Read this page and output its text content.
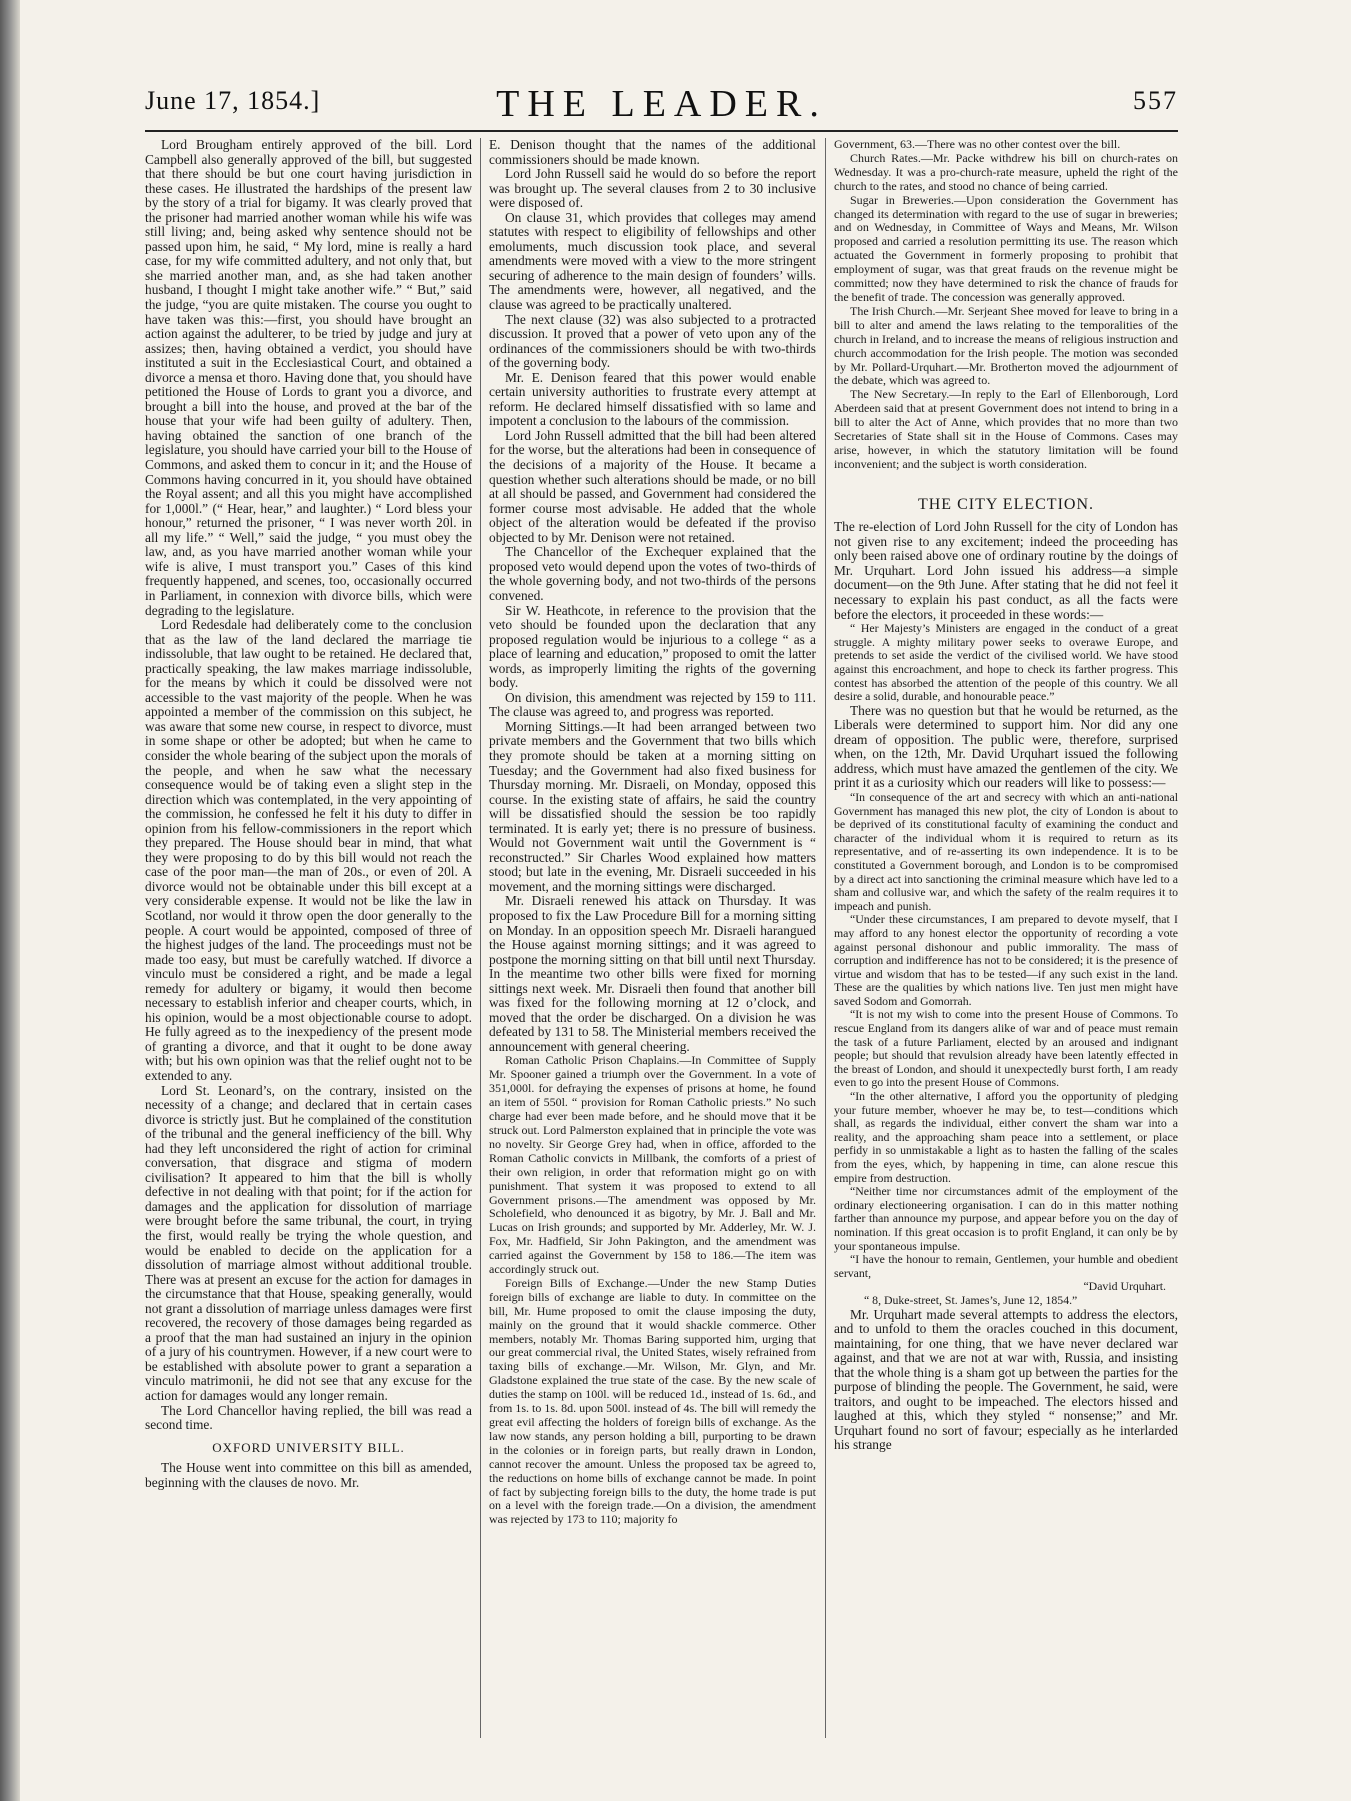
June 17, 1854.]	THE LEADER.	557

Lord Brougham entirely approved of the bill. Lord Campbell also generally approved of the bill, but suggested that there should be but one court having jurisdiction in these cases. He illustrated the hardships of the present law by the story of a trial for bigamy. It was clearly proved that the prisoner had married another woman while his wife was still living; and, being asked why sentence should not be passed upon him, he said, “ My lord, mine is really a hard case, for my wife committed adultery, and not only that, but she married another man, and, as she had taken another husband, I thought I might take another wife.” “ But,” said the judge, “you are quite mistaken. The course you ought to have taken was this:—first, you should have brought an action against the adulterer, to be tried by judge and jury at assizes; then, having obtained a verdict, you should have instituted a suit in the Ecclesiastical Court, and obtained a divorce a mensa et thoro. Having done that, you should have petitioned the House of Lords to grant you a divorce, and brought a bill into the house, and proved at the bar of the house that your wife had been guilty of adultery. Then, having obtained the sanction of one branch of the legislature, you should have carried your bill to the House of Commons, and asked them to concur in it; and the House of Commons having concurred in it, you should have obtained the Royal assent; and all this you might have accomplished for 1,000l.” (“ Hear, hear,” and laughter.) “ Lord bless your honour,” returned the prisoner, “ I was never worth 20l. in all my life.” “ Well,” said the judge, “ you must obey the law, and, as you have married another woman while your wife is alive, I must transport you.” Cases of this kind frequently happened, and scenes, too, occasionally occurred in Parliament, in connexion with divorce bills, which were degrading to the legislature.

Lord Redesdale had deliberately come to the conclusion that as the law of the land declared the marriage tie indissoluble, that law ought to be retained. He declared that, practically speaking, the law makes marriage indissoluble, for the means by which it could be dissolved were not accessible to the vast majority of the people. When he was appointed a member of the commission on this subject, he was aware that some new course, in respect to divorce, must in some shape or other be adopted; but when he came to consider the whole bearing of the subject upon the morals of the people, and when he saw what the necessary consequence would be of taking even a slight step in the direction which was contemplated, in the very appointing of the commission, he confessed he felt it his duty to differ in opinion from his fellow-commissioners in the report which they prepared. The House should bear in mind, that what they were proposing to do by this bill would not reach the case of the poor man—the man of 20s., or even of 20l. A divorce would not be obtainable under this bill except at a very considerable expense. It would not be like the law in Scotland, nor would it throw open the door generally to the people. A court would be appointed, composed of three of the highest judges of the land. The proceedings must not be made too easy, but must be carefully watched. If divorce a vinculo must be considered a right, and be made a legal remedy for adultery or bigamy, it would then become necessary to establish inferior and cheaper courts, which, in his opinion, would be a most objectionable course to adopt. He fully agreed as to the inexpediency of the present mode of granting a divorce, and that it ought to be done away with; but his own opinion was that the relief ought not to be extended to any.

Lord St. Leonard’s, on the contrary, insisted on the necessity of a change; and declared that in certain cases divorce is strictly just. But he complained of the constitution of the tribunal and the general inefficiency of the bill. Why had they left unconsidered the right of action for criminal conversation, that disgrace and stigma of modern civilisation? It appeared to him that the bill is wholly defective in not dealing with that point; for if the action for damages and the application for dissolution of marriage were brought before the same tribunal, the court, in trying the first, would really be trying the whole question, and would be enabled to decide on the application for a dissolution of marriage almost without additional trouble. There was at present an excuse for the action for damages in the circumstance that that House, speaking generally, would not grant a dissolution of marriage unless damages were first recovered, the recovery of those damages being regarded as a proof that the man had sustained an injury in the opinion of a jury of his countrymen. However, if a new court were to be established with absolute power to grant a separation a vinculo matrimonii, he did not see that any excuse for the action for damages would any longer remain.

The Lord Chancellor having replied, the bill was read a second time.

OXFORD UNIVERSITY BILL.

The House went into committee on this bill as amended, beginning with the clauses de novo. Mr.

E. Denison thought that the names of the additional commissioners should be made known.

Lord John Russell said he would do so before the report was brought up. The several clauses from 2 to 30 inclusive were disposed of.

On clause 31, which provides that colleges may amend statutes with respect to eligibility of fellowships and other emoluments, much discussion took place, and several amendments were moved with a view to the more stringent securing of adherence to the main design of founders’ wills. The amendments were, however, all negatived, and the clause was agreed to be practically unaltered.

The next clause (32) was also subjected to a protracted discussion. It proved that a power of veto upon any of the ordinances of the commissioners should be with two-thirds of the governing body.

Mr. E. Denison feared that this power would enable certain university authorities to frustrate every attempt at reform. He declared himself dissatisfied with so lame and impotent a conclusion to the labours of the commission.

Lord John Russell admitted that the bill had been altered for the worse, but the alterations had been in consequence of the decisions of a majority of the House. It became a question whether such alterations should be made, or no bill at all should be passed, and Government had considered the former course most advisable. He added that the whole object of the alteration would be defeated if the proviso objected to by Mr. Denison were not retained.

The Chancellor of the Exchequer explained that the proposed veto would depend upon the votes of two-thirds of the whole governing body, and not two-thirds of the persons convened.

Sir W. Heathcote, in reference to the provision that the veto should be founded upon the declaration that any proposed regulation would be injurious to a college “ as a place of learning and education,” proposed to omit the latter words, as improperly limiting the rights of the governing body.

On division, this amendment was rejected by 159 to 111. The clause was agreed to, and progress was reported.

Morning Sittings.—It had been arranged between two private members and the Government that two bills which they promote should be taken at a morning sitting on Tuesday; and the Government had also fixed business for Thursday morning. Mr. Disraeli, on Monday, opposed this course. In the existing state of affairs, he said the country will be dissatisfied should the session be too rapidly terminated. It is early yet; there is no pressure of business. Would not Government wait until the Government is “ reconstructed.” Sir Charles Wood explained how matters stood; but late in the evening, Mr. Disraeli succeeded in his movement, and the morning sittings were discharged.

Mr. Disraeli renewed his attack on Thursday. It was proposed to fix the Law Procedure Bill for a morning sitting on Monday. In an opposition speech Mr. Disraeli harangued the House against morning sittings; and it was agreed to postpone the morning sitting on that bill until next Thursday. In the meantime two other bills were fixed for morning sittings next week. Mr. Disraeli then found that another bill was fixed for the following morning at 12 o’clock, and moved that the order be discharged. On a division he was defeated by 131 to 58. The Ministerial members received the announcement with general cheering.

Roman Catholic Prison Chaplains.—In Committee of Supply Mr. Spooner gained a triumph over the Government. In a vote of 351,000l. for defraying the expenses of prisons at home, he found an item of 550l. “ provision for Roman Catholic priests.” No such charge had ever been made before, and he should move that it be struck out. Lord Palmerston explained that in principle the vote was no novelty. Sir George Grey had, when in office, afforded to the Roman Catholic convicts in Millbank, the comforts of a priest of their own religion, in order that reformation might go on with punishment. That system it was proposed to extend to all Government prisons.—The amendment was opposed by Mr. Scholefield, who denounced it as bigotry, by Mr. J. Ball and Mr. Lucas on Irish grounds; and supported by Mr. Adderley, Mr. W. J. Fox, Mr. Hadfield, Sir John Pakington, and the amendment was carried against the Government by 158 to 186.—The item was accordingly struck out.

Foreign Bills of Exchange.—Under the new Stamp Duties foreign bills of exchange are liable to duty. In committee on the bill, Mr. Hume proposed to omit the clause imposing the duty, mainly on the ground that it would shackle commerce. Other members, notably Mr. Thomas Baring supported him, urging that our great commercial rival, the United States, wisely refrained from taxing bills of exchange.—Mr. Wilson, Mr. Glyn, and Mr. Gladstone explained the true state of the case. By the new scale of duties the stamp on 100l. will be reduced 1d., instead of 1s. 6d., and from 1s. to 1s. 8d. upon 500l. instead of 4s. The bill will remedy the great evil affecting the holders of foreign bills of exchange. As the law now stands, any person holding a bill, purporting to be drawn in the colonies or in foreign parts, but really drawn in London, cannot recover the amount. Unless the proposed tax be agreed to, the reductions on home bills of exchange cannot be made. In point of fact by subjecting foreign bills to the duty, the home trade is put on a level with the foreign trade.—On a division, the amendment was rejected by 173 to 110; majority fo

Government, 63.—There was no other contest over the bill.

Church Rates.—Mr. Packe withdrew his bill on church-rates on Wednesday. It was a pro-church-rate measure, upheld the right of the church to the rates, and stood no chance of being carried.

Sugar in Breweries.—Upon consideration the Government has changed its determination with regard to the use of sugar in breweries; and on Wednesday, in Committee of Ways and Means, Mr. Wilson proposed and carried a resolution permitting its use. The reason which actuated the Government in formerly proposing to prohibit that employment of sugar, was that great frauds on the revenue might be committed; now they have determined to risk the chance of frauds for the benefit of trade. The concession was generally approved.

The Irish Church.—Mr. Serjeant Shee moved for leave to bring in a bill to alter and amend the laws relating to the temporalities of the church in Ireland, and to increase the means of religious instruction and church accommodation for the Irish people. The motion was seconded by Mr. Pollard-Urquhart.—Mr. Brotherton moved the adjournment of the debate, which was agreed to.

The New Secretary.—In reply to the Earl of Ellenborough, Lord Aberdeen said that at present Government does not intend to bring in a bill to alter the Act of Anne, which provides that no more than two Secretaries of State shall sit in the House of Commons. Cases may arise, however, in which the statutory limitation will be found inconvenient; and the subject is worth consideration.

THE CITY ELECTION.

The re-election of Lord John Russell for the city of London has not given rise to any excitement; indeed the proceeding has only been raised above one of ordinary routine by the doings of Mr. Urquhart. Lord John issued his address—a simple document—on the 9th June. After stating that he did not feel it necessary to explain his past conduct, as all the facts were before the electors, it proceeded in these words:—

“ Her Majesty’s Ministers are engaged in the conduct of a great struggle. A mighty military power seeks to overawe Europe, and pretends to set aside the verdict of the civilised world. We have stood against this encroachment, and hope to check its farther progress. This contest has absorbed the attention of the people of this country. We all desire a solid, durable, and honourable peace.”

There was no question but that he would be returned, as the Liberals were determined to support him. Nor did any one dream of opposition. The public were, therefore, surprised when, on the 12th, Mr. David Urquhart issued the following address, which must have amazed the gentlemen of the city. We print it as a curiosity which our readers will like to possess:—

“In consequence of the art and secrecy with which an anti-national Government has managed this new plot, the city of London is about to be deprived of its constitutional faculty of examining the conduct and character of the individual whom it is required to return as its representative, and of re-asserting its own independence. It is to be constituted a Government borough, and London is to be compromised by a direct act into sanctioning the criminal measure which have led to a sham and collusive war, and which the safety of the realm requires it to impeach and punish.

“Under these circumstances, I am prepared to devote myself, that I may afford to any honest elector the opportunity of recording a vote against personal dishonour and public immorality. The mass of corruption and indifference has not to be considered; it is the presence of virtue and wisdom that has to be tested—if any such exist in the land. These are the qualities by which nations live. Ten just men might have saved Sodom and Gomorrah.

“It is not my wish to come into the present House of Commons. To rescue England from its dangers alike of war and of peace must remain the task of a future Parliament, elected by an aroused and indignant people; but should that revulsion already have been latently effected in the breast of London, and should it unexpectedly burst forth, I am ready even to go into the present House of Commons.

“In the other alternative, I afford you the opportunity of pledging your future member, whoever he may be, to test—conditions which shall, as regards the individual, either convert the sham war into a reality, and the approaching sham peace into a settlement, or place perfidy in so unmistakable a light as to hasten the falling of the scales from the eyes, which, by happening in time, can alone rescue this empire from destruction.

“Neither time nor circumstances admit of the employment of the ordinary electioneering organisation. I can do in this matter nothing farther than announce my purpose, and appear before you on the day of nomination. If this great occasion is to profit England, it can only be by your spontaneous impulse.

“I have the honour to remain, Gentlemen, your humble and obedient servant,

“David Urquhart.
“ 8, Duke-street, St. James’s, June 12, 1854.”

Mr. Urquhart made several attempts to address the electors, and to unfold to them the oracles couched in this document, maintaining, for one thing, that we have never declared war against, and that we are not at war with, Russia, and insisting that the whole thing is a sham got up between the parties for the purpose of blinding the people. The Government, he said, were traitors, and ought to be impeached. The electors hissed and laughed at this, which they styled “ nonsense;” and Mr. Urquhart found no sort of favour; especially as he interlarded his strange
